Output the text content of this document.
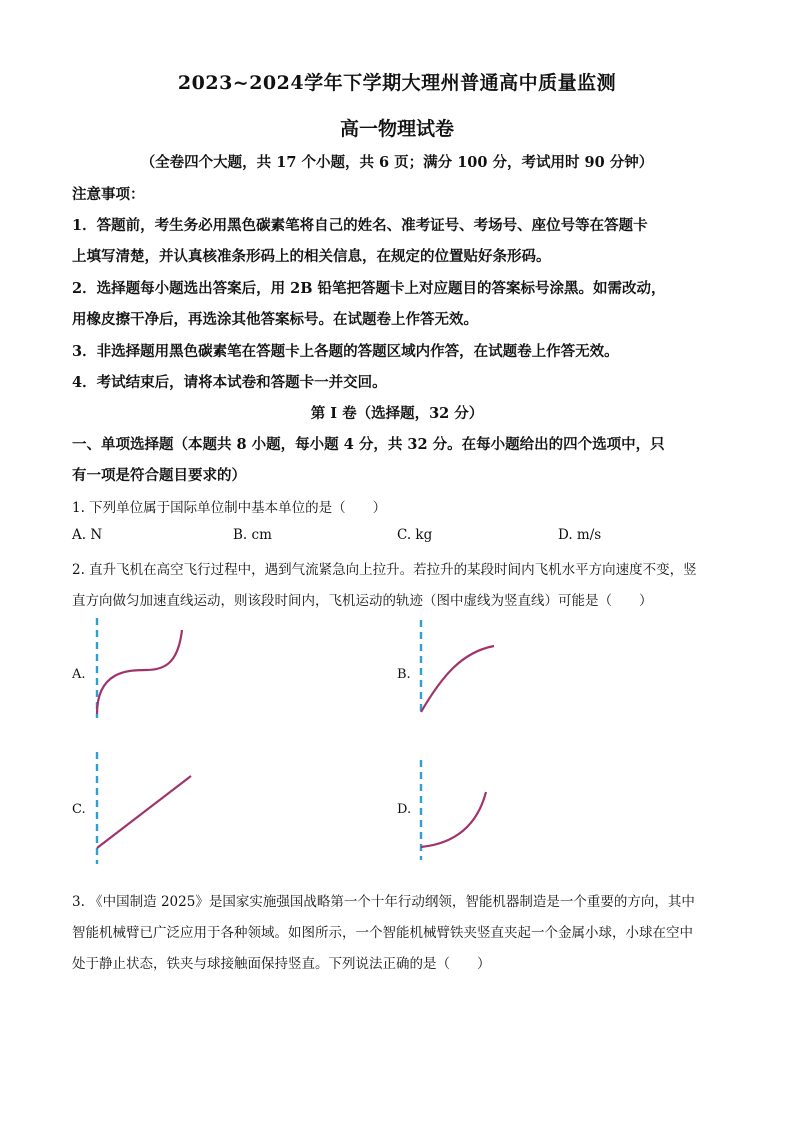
2023~2024学年下学期大理州普通高中质量监测
高一物理试卷
（全卷四个大题，共 17 个小题，共 6 页；满分 100 分，考试用时 90 分钟）
注意事项：
1．答题前，考生务必用黑色碳素笔将自己的姓名、准考证号、考场号、座位号等在答题卡
上填写清楚，并认真核准条形码上的相关信息，在规定的位置贴好条形码。
2．选择题每小题选出答案后，用 2B 铅笔把答题卡上对应题目的答案标号涂黑。如需改动，
用橡皮擦干净后，再选涂其他答案标号。在试题卷上作答无效。
3．非选择题用黑色碳素笔在答题卡上各题的答题区域内作答，在试题卷上作答无效。
4．考试结束后，请将本试卷和答题卡一并交回。
第 I 卷（选择题，32 分）
一、单项选择题（本题共 8 小题，每小题 4 分，共 32 分。在每小题给出的四个选项中，只
有一项是符合题目要求的）
1. 下列单位属于国际单位制中基本单位的是（　　）
A. N	B. cm	C. kg	D. m/s
2. 直升飞机在高空飞行过程中，遇到气流紧急向上拉升。若拉升的某段时间内飞机水平方向速度不变，竖
直方向做匀加速直线运动，则该段时间内，飞机运动的轨迹（图中虚线为竖直线）可能是（　　）
A.	B.
C.	D.
3. 《中国制造 2025》是国家实施强国战略第一个十年行动纲领，智能机器制造是一个重要的方向，其中
智能机械臂已广泛应用于各种领域。如图所示，一个智能机械臂铁夹竖直夹起一个金属小球，小球在空中
处于静止状态，铁夹与球接触面保持竖直。下列说法正确的是（　　）
